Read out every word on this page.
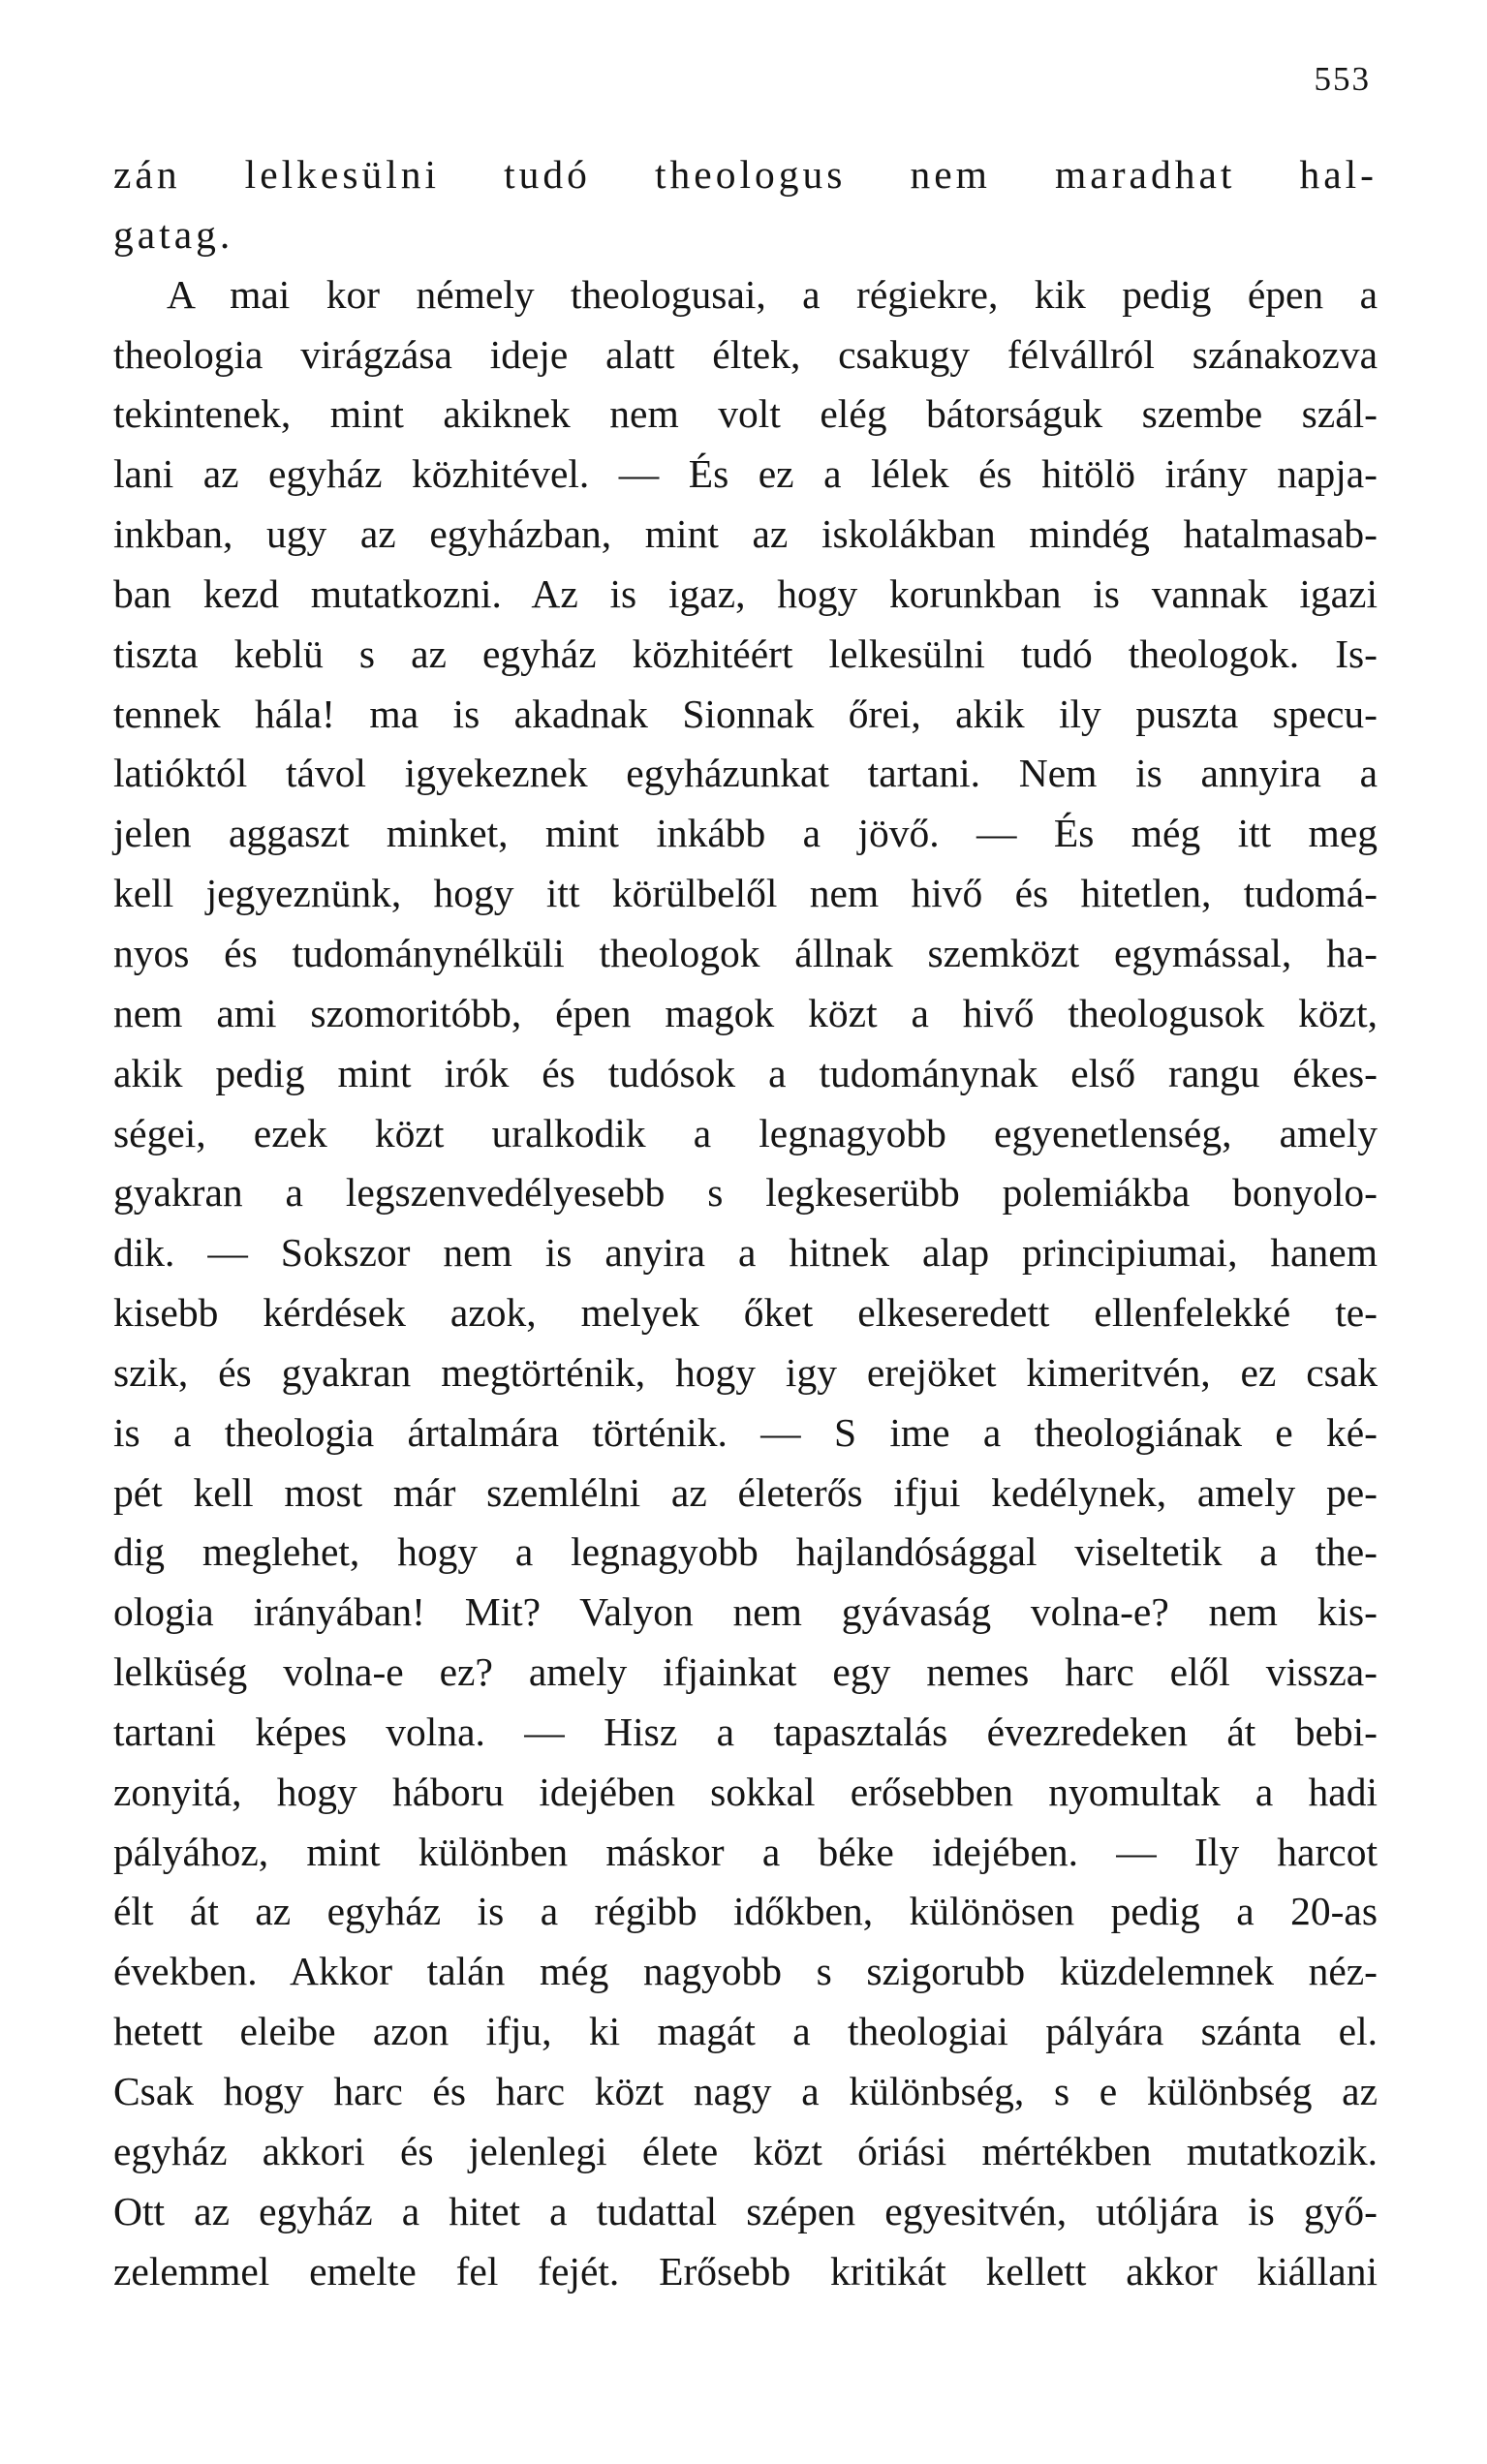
553
zán lelkesülni tudó theologus nem maradhat hal-
gatag.
A mai kor némely theologusai, a régiekre, kik pedig épen a
theologia virágzása ideje alatt éltek, csakugy félvállról szánakozva
tekintenek, mint akiknek nem volt elég bátorságuk szembe szál-
lani az egyház közhitével. — És ez a lélek és hitölö irány napja-
inkban, ugy az egyházban, mint az iskolákban mindég hatalmasab-
ban kezd mutatkozni. Az is igaz, hogy korunkban is vannak igazi
tiszta keblü s az egyház közhitéért lelkesülni tudó theologok. Is-
tennek hála! ma is akadnak Sionnak őrei, akik ily puszta specu-
latióktól távol igyekeznek egyházunkat tartani. Nem is annyira a
jelen aggaszt minket, mint inkább a jövő. — És még itt meg
kell jegyeznünk, hogy itt körülbelől nem hivő és hitetlen, tudomá-
nyos és tudománynélküli theologok állnak szemközt egymással, ha-
nem ami szomoritóbb, épen magok közt a hivő theologusok közt,
akik pedig mint irók és tudósok a tudománynak első rangu ékes-
ségei, ezek közt uralkodik a legnagyobb egyenetlenség, amely
gyakran a legszenvedélyesebb s legkeserübb polemiákba bonyolo-
dik. — Sokszor nem is anyira a hitnek alap principiumai, hanem
kisebb kérdések azok, melyek őket elkeseredett ellenfelekké te-
szik, és gyakran megtörténik, hogy igy erejöket kimeritvén, ez csak
is a theologia ártalmára történik. — S ime a theologiának e ké-
pét kell most már szemlélni az életerős ifjui kedélynek, amely pe-
dig meglehet, hogy a legnagyobb hajlandósággal viseltetik a the-
ologia irányában! Mit? Valyon nem gyávaság volna-e? nem kis-
lelküség volna-e ez? amely ifjainkat egy nemes harc elől vissza-
tartani képes volna. — Hisz a tapasztalás évezredeken át bebi-
zonyitá, hogy háboru idejében sokkal erősebben nyomultak a hadi
pályához, mint különben máskor a béke idejében. — Ily harcot
élt át az egyház is a régibb időkben, különösen pedig a 20-as
években. Akkor talán még nagyobb s szigorubb küzdelemnek néz-
hetett eleibe azon ifju, ki magát a theologiai pályára szánta el.
Csak hogy harc és harc közt nagy a különbség, s e különbség az
egyház akkori és jelenlegi élete közt óriási mértékben mutatkozik.
Ott az egyház a hitet a tudattal szépen egyesitvén, utóljára is győ-
zelemmel emelte fel fejét. Erősebb kritikát kellett akkor kiállani
